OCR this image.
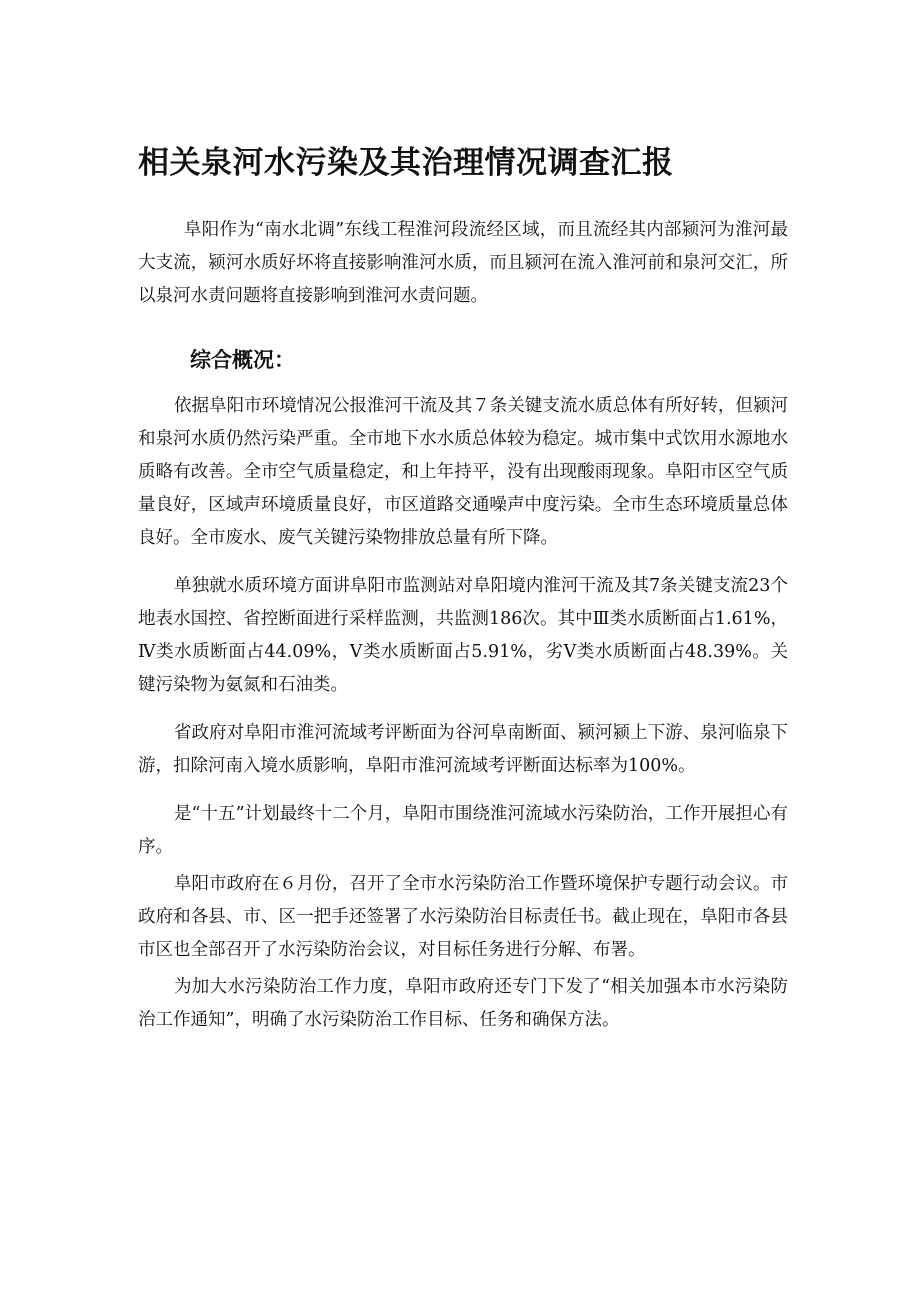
相关泉河水污染及其治理情况调查汇报

阜阳作为“南水北调”东线工程淮河段流经区域，而且流经其内部颍河为淮河最大支流，颍河水质好坏将直接影响淮河水质，而且颍河在流入淮河前和泉河交汇，所以泉河水责问题将直接影响到淮河水责问题。

综合概况：

依据阜阳市环境情况公报淮河干流及其７条关键支流水质总体有所好转，但颍河和泉河水质仍然污染严重。全市地下水水质总体较为稳定。城市集中式饮用水源地水质略有改善。全市空气质量稳定，和上年持平，没有出现酸雨现象。阜阳市区空气质量良好，区域声环境质量良好，市区道路交通噪声中度污染。全市生态环境质量总体良好。全市废水、废气关键污染物排放总量有所下降。

单独就水质环境方面讲阜阳市监测站对阜阳境内淮河干流及其7条关键支流23个地表水国控、省控断面进行采样监测，共监测186次。其中Ⅲ类水质断面占1.61%，Ⅳ类水质断面占44.09%，Ⅴ类水质断面占5.91%，劣Ⅴ类水质断面占48.39%。关键污染物为氨氮和石油类。

省政府对阜阳市淮河流域考评断面为谷河阜南断面、颍河颍上下游、泉河临泉下游，扣除河南入境水质影响，阜阳市淮河流域考评断面达标率为100%。

是“十五”计划最终十二个月，阜阳市围绕淮河流域水污染防治，工作开展担心有序。

阜阳市政府在６月份，召开了全市水污染防治工作暨环境保护专题行动会议。市政府和各县、市、区一把手还签署了水污染防治目标责任书。截止现在，阜阳市各县市区也全部召开了水污染防治会议，对目标任务进行分解、布署。

为加大水污染防治工作力度，阜阳市政府还专门下发了“相关加强本市水污染防治工作通知”，明确了水污染防治工作目标、任务和确保方法。
